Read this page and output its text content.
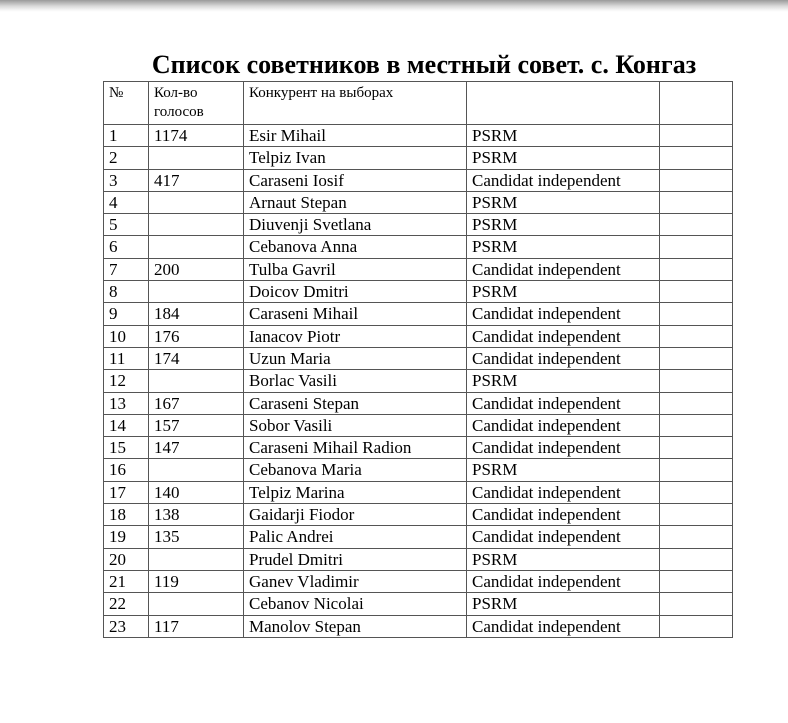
Список советников в местный совет. с. Конгаз
№	Кол-во голосов	Конкурент на выборах		
1	1174	Esir Mihail	PSRM	
2		Telpiz Ivan	PSRM	
3	417	Caraseni Iosif	Candidat independent	
4		Arnaut Stepan	PSRM	
5		Diuvenji Svetlana	PSRM	
6		Cebanova Anna	PSRM	
7	200	Tulba Gavril	Candidat independent	
8		Doicov Dmitri	PSRM	
9	184	Caraseni Mihail	Candidat independent	
10	176	Ianacov Piotr	Candidat independent	
11	174	Uzun Maria	Candidat independent	
12		Borlac Vasili	PSRM	
13	167	Caraseni Stepan	Candidat independent	
14	157	Sobor Vasili	Candidat independent	
15	147	Caraseni Mihail Radion	Candidat independent	
16		Cebanova Maria	PSRM	
17	140	Telpiz Marina	Candidat independent	
18	138	Gaidarji Fiodor	Candidat independent	
19	135	Palic Andrei	Candidat independent	
20		Prudel Dmitri	PSRM	
21	119	Ganev Vladimir	Candidat independent	
22		Cebanov Nicolai	PSRM	
23	117	Manolov Stepan	Candidat independent	
